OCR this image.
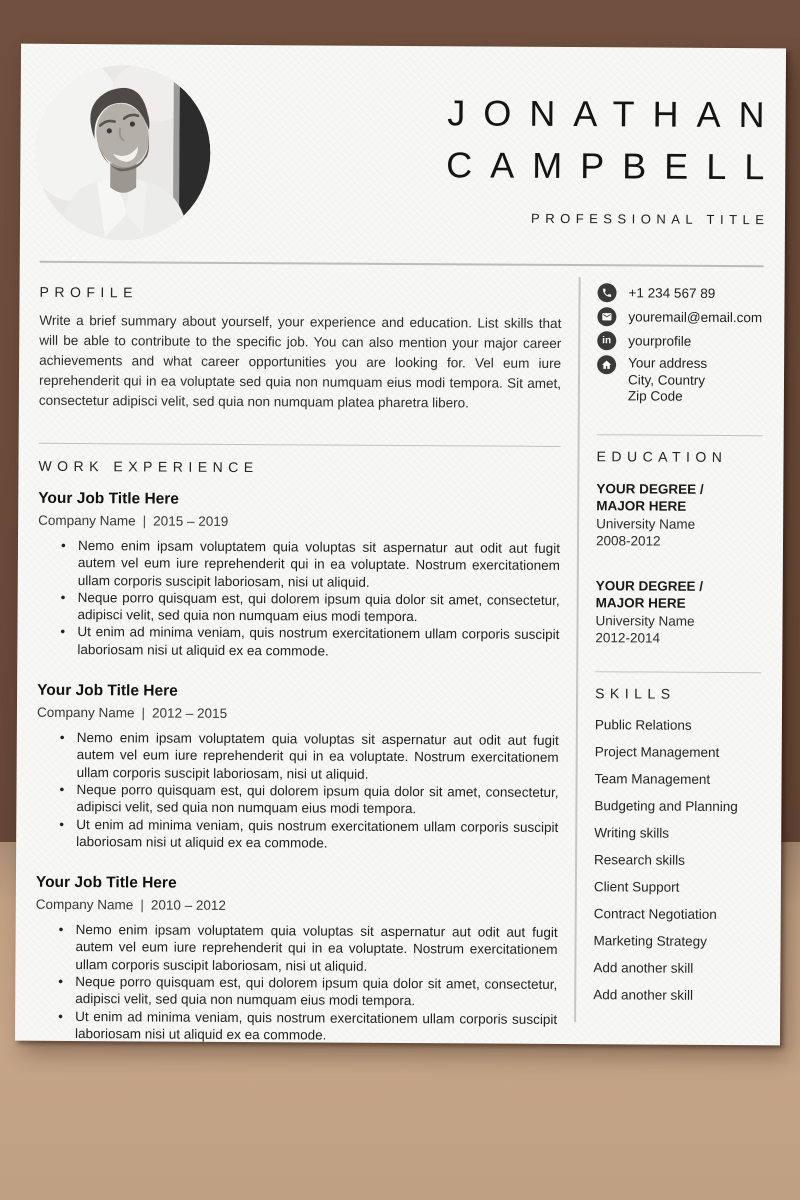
JONATHAN
CAMPBELL
PROFESSIONAL TITLE
PROFILE

Write a brief summary about yourself, your experience and education. List skills that will be able to contribute to the specific job. You can also mention your major career achievements and what career opportunities you are looking for. Vel eum iure reprehenderit qui in ea voluptate sed quia non numquam eius modi tempora. Sit amet, consectetur adipisci velit, sed quia non numquam platea pharetra libero.

WORK EXPERIENCE
Your Job Title Here
Company Name | 2015 – 2019
• Nemo enim ipsam voluptatem quia voluptas sit aspernatur aut odit aut fugit autem vel eum iure reprehenderit qui in ea voluptate. Nostrum exercitationem ullam corporis suscipit laboriosam, nisi ut aliquid.
• Neque porro quisquam est, qui dolorem ipsum quia dolor sit amet, consectetur, adipisci velit, sed quia non numquam eius modi tempora.
• Ut enim ad minima veniam, quis nostrum exercitationem ullam corporis suscipit laboriosam nisi ut aliquid ex ea commode.
Your Job Title Here
Company Name | 2012 – 2015
• Nemo enim ipsam voluptatem quia voluptas sit aspernatur aut odit aut fugit autem vel eum iure reprehenderit qui in ea voluptate. Nostrum exercitationem ullam corporis suscipit laboriosam, nisi ut aliquid.
• Neque porro quisquam est, qui dolorem ipsum quia dolor sit amet, consectetur, adipisci velit, sed quia non numquam eius modi tempora.
• Ut enim ad minima veniam, quis nostrum exercitationem ullam corporis suscipit laboriosam nisi ut aliquid ex ea commode.
Your Job Title Here
Company Name | 2010 – 2012
• Nemo enim ipsam voluptatem quia voluptas sit aspernatur aut odit aut fugit autem vel eum iure reprehenderit qui in ea voluptate. Nostrum exercitationem ullam corporis suscipit laboriosam, nisi ut aliquid.
• Neque porro quisquam est, qui dolorem ipsum quia dolor sit amet, consectetur, adipisci velit, sed quia non numquam eius modi tempora.
• Ut enim ad minima veniam, quis nostrum exercitationem ullam corporis suscipit laboriosam nisi ut aliquid ex ea commode.
+1 234 567 89
youremail@email.com
in yourprofile
Your address
City, Country
Zip Code
EDUCATION
YOUR DEGREE / MAJOR HERE
University Name
2008-2012
YOUR DEGREE / MAJOR HERE
University Name
2012-2014
SKILLS
Public Relations
Project Management
Team Management
Budgeting and Planning
Writing skills
Research skills
Client Support
Contract Negotiation
Marketing Strategy
Add another skill
Add another skill
